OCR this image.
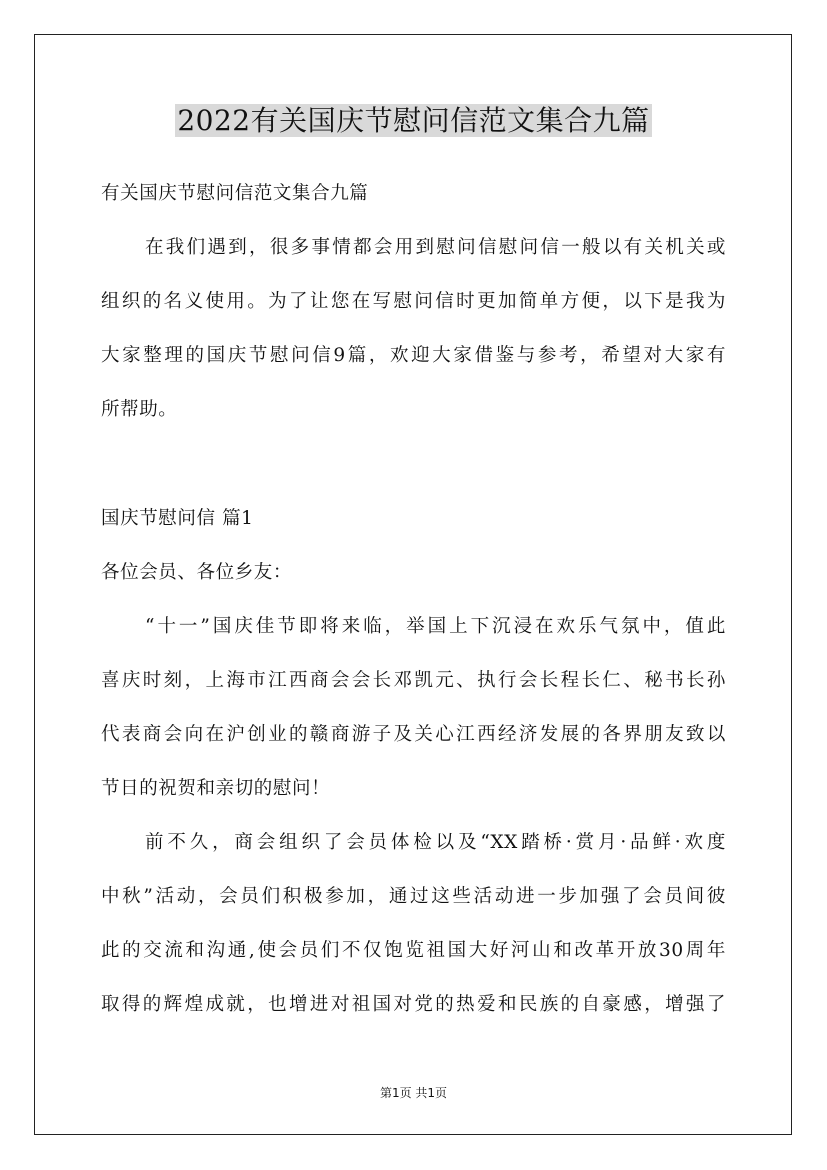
2022有关国庆节慰问信范文集合九篇
有关国庆节慰问信范文集合九篇
在我们遇到，很多事情都会用到慰问信慰问信一般以有关机关或
组织的名义使用。为了让您在写慰问信时更加简单方便，以下是我为
大家整理的国庆节慰问信9篇，欢迎大家借鉴与参考，希望对大家有
所帮助。
国庆节慰问信 篇1
各位会员、各位乡友：
“十一”国庆佳节即将来临，举国上下沉浸在欢乐气氛中，值此
喜庆时刻，上海市江西商会会长邓凯元、执行会长程长仁、秘书长孙
代表商会向在沪创业的赣商游子及关心江西经济发展的各界朋友致以
节日的祝贺和亲切的慰问！
前不久，商会组织了会员体检以及“XX踏桥·赏月·品鲜·欢度
中秋”活动，会员们积极参加，通过这些活动进一步加强了会员间彼
此的交流和沟通,使会员们不仅饱览祖国大好河山和改革开放30周年
取得的辉煌成就，也增进对祖国对党的热爱和民族的自豪感，增强了
第1页 共1页
